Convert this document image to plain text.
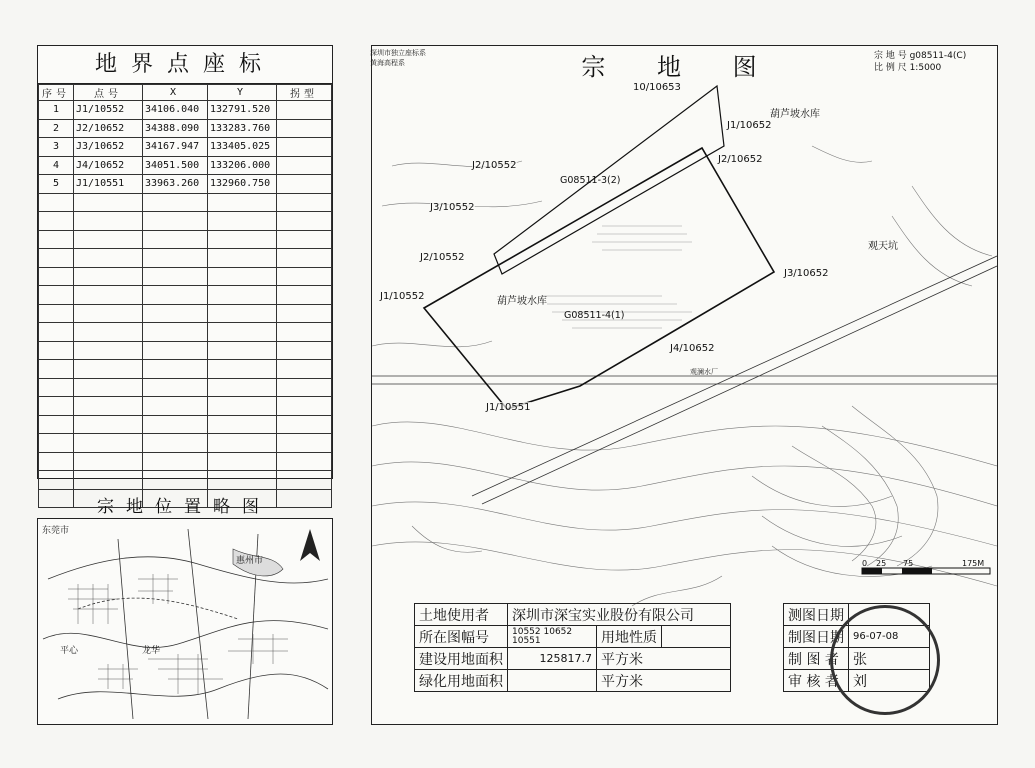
地界点座标
序号	点号	X	Y	拐型
1	J1/10552	34106.040	132791.520	
2	J2/10652	34388.090	133283.760	
3	J3/10652	34167.947	133405.025	
4	J4/10652	34051.500	133206.000	
5	J1/10551	33963.260	132960.750	

宗地位置略图
东莞市
惠州市
平心	龙华
宗 地 图
深圳市独立座标系
黄海高程系
宗 地 号 g08511-4(C)
比 例 尺 1:5000
10/10653
J1/10652
J2/10652
J3/10652
J4/10652
J1/10552
J1/10551
J2/10552
J3/10552
J2/10552
G08511-3(2)
G08511-4(1)
葫芦坡水库
葫芦坡水库
观天坑
观澜水厂
0 25 75	175M
土地使用者	深圳市深宝实业股份有限公司		
所在图幅号	10552 10652 10551	用地性质	
建设用地面积	125817.7	平方米	
绿化用地面积		平方米	
测图日期	
制图日期	96-07-08
制 图 者	张
审 核 者	刘
